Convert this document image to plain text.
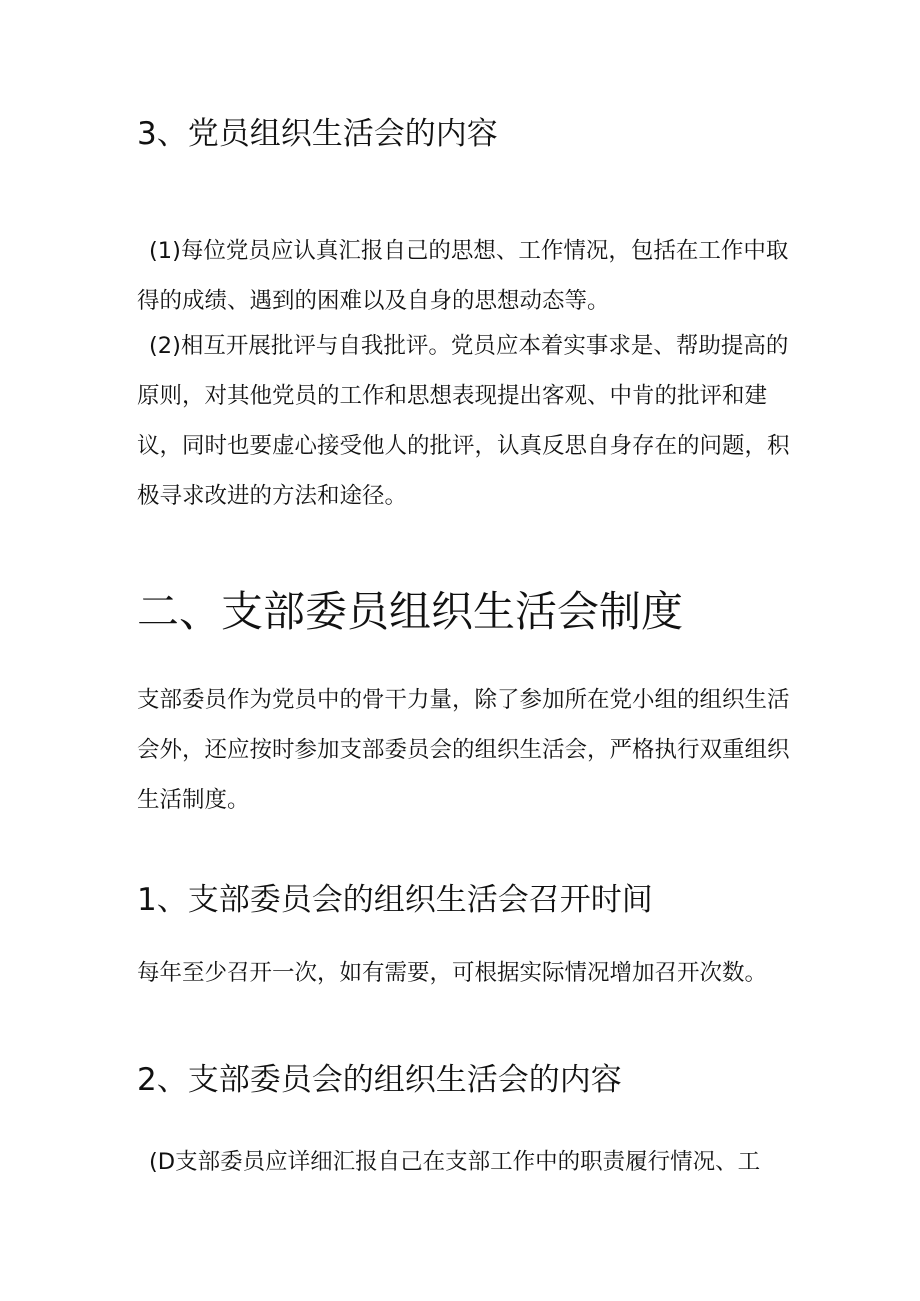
3、党员组织生活会的内容

(1)每位党员应认真汇报自己的思想、工作情况，包括在工作中取得的成绩、遇到的困难以及自身的思想动态等。

(2)相互开展批评与自我批评。党员应本着实事求是、帮助提高的原则，对其他党员的工作和思想表现提出客观、中肯的批评和建议，同时也要虚心接受他人的批评，认真反思自身存在的问题，积极寻求改进的方法和途径。

二、支部委员组织生活会制度

支部委员作为党员中的骨干力量，除了参加所在党小组的组织生活会外，还应按时参加支部委员会的组织生活会，严格执行双重组织生活制度。

1、支部委员会的组织生活会召开时间

每年至少召开一次，如有需要，可根据实际情况增加召开次数。

2、支部委员会的组织生活会的内容

(D支部委员应详细汇报自己在支部工作中的职责履行情况、工
